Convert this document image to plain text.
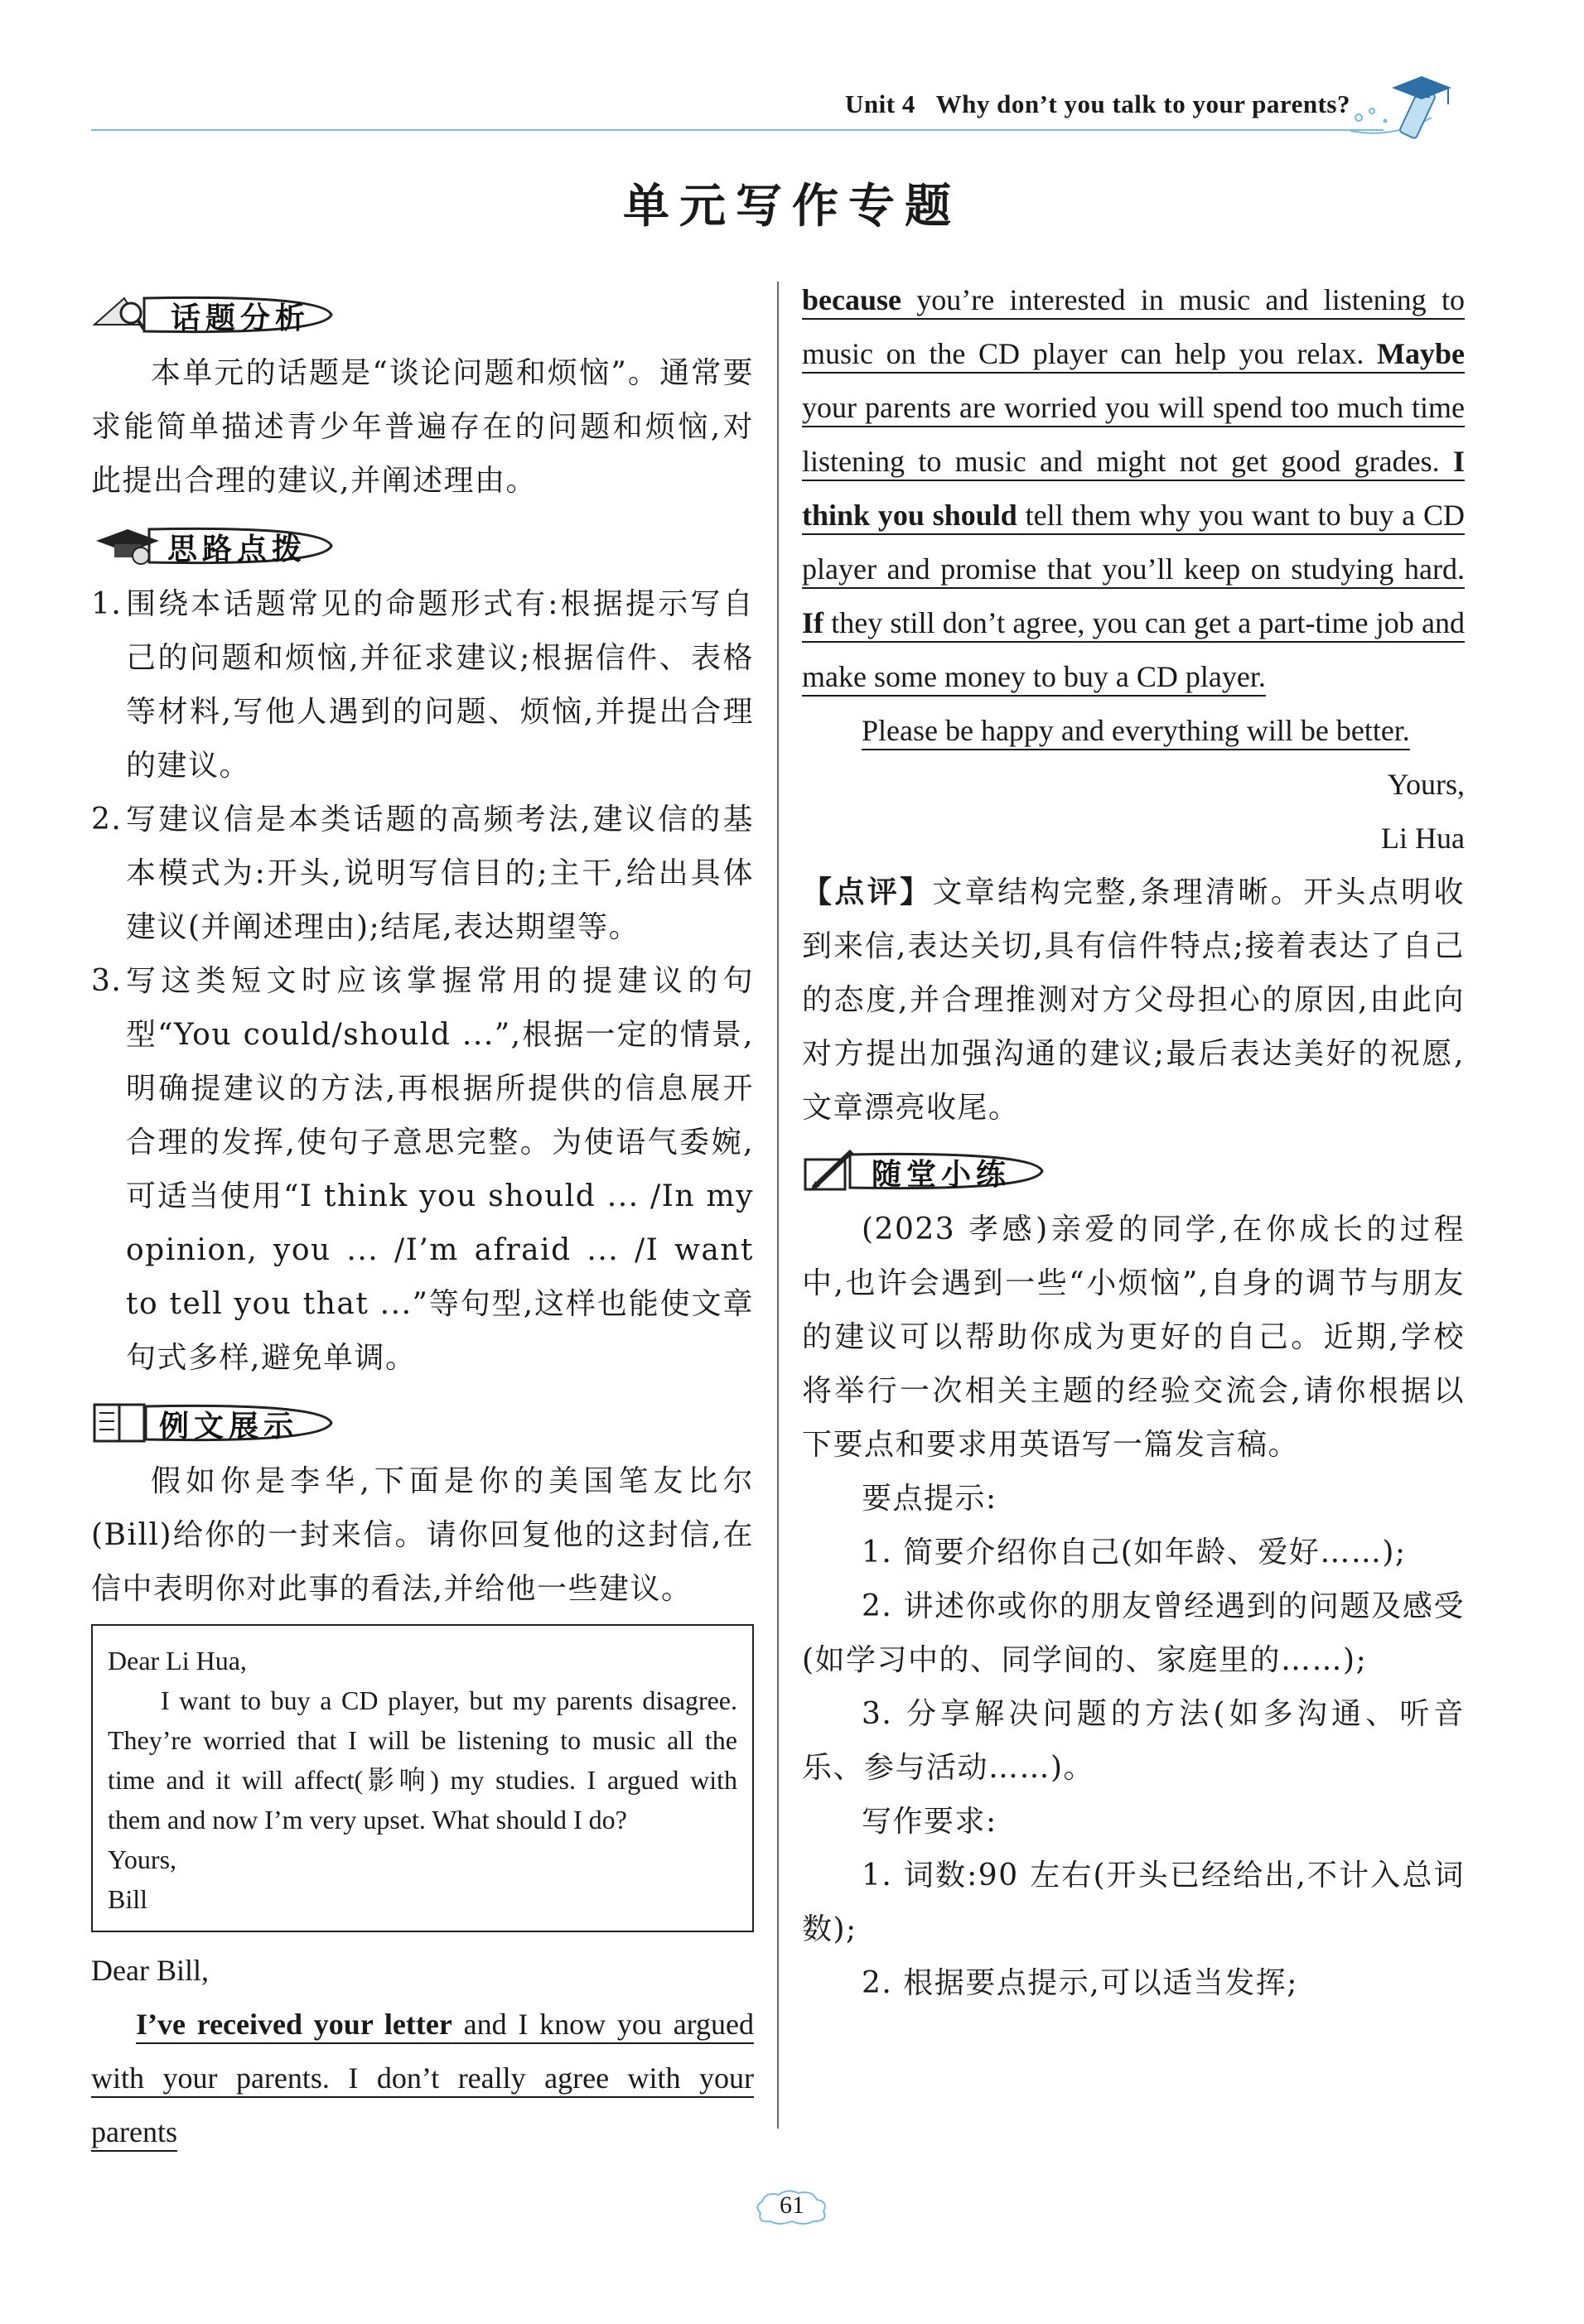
Unit 4 Why don’t you talk to your parents?
单元写作专题
话题分析

本单元的话题是“谈论问题和烦恼”。通常要求能简单描述青少年普遍存在的问题和烦恼,对此提出合理的建议,并阐述理由。

思路点拨
1. 围绕本话题常见的命题形式有:根据提示写自己的问题和烦恼,并征求建议;根据信件、表格等材料,写他人遇到的问题、烦恼,并提出合理的建议。
2. 写建议信是本类话题的高频考法,建议信的基本模式为:开头,说明写信目的;主干,给出具体建议(并阐述理由);结尾,表达期望等。
3. 写这类短文时应该掌握常用的提建议的句型“You could/should ...”,根据一定的情景,明确提建议的方法,再根据所提供的信息展开合理的发挥,使句子意思完整。为使语气委婉,可适当使用“I think you should ... /In my opinion, you ... /I’m afraid ... /I want to tell you that ...”等句型,这样也能使文章句式多样,避免单调。
例文展示

假如你是李华,下面是你的美国笔友比尔(Bill)给你的一封来信。请你回复他的这封信,在信中表明你对此事的看法,并给他一些建议。

Dear Li Hua,

I want to buy a CD player, but my parents disagree. They’re worried that I will be listening to music all the time and it will affect(影响) my studies. I argued with them and now I’m very upset. What should I do?

Yours,

Bill

Dear Bill,

I’ve received your letter and I know you argued with your parents. I don’t really agree with your parents

because you’re interested in music and listening to music on the CD player can help you relax. Maybe your parents are worried you will spend too much time listening to music and might not get good grades. I think you should tell them why you want to buy a CD player and promise that you’ll keep on studying hard. If they still don’t agree, you can get a part-time job and make some money to buy a CD player.

Please be happy and everything will be better.

Yours,

Li Hua

【点评】文章结构完整,条理清晰。开头点明收到来信,表达关切,具有信件特点;接着表达了自己的态度,并合理推测对方父母担心的原因,由此向对方提出加强沟通的建议;最后表达美好的祝愿,文章漂亮收尾。

随堂小练

(2023 孝感)亲爱的同学,在你成长的过程中,也许会遇到一些“小烦恼”,自身的调节与朋友的建议可以帮助你成为更好的自己。近期,学校将举行一次相关主题的经验交流会,请你根据以下要点和要求用英语写一篇发言稿。

要点提示:

1. 简要介绍你自己(如年龄、爱好……);

2. 讲述你或你的朋友曾经遇到的问题及感受(如学习中的、同学间的、家庭里的……);

3. 分享解决问题的方法(如多沟通、听音乐、参与活动……)。

写作要求:

1. 词数:90 左右(开头已经给出,不计入总词数);

2. 根据要点提示,可以适当发挥;

61
